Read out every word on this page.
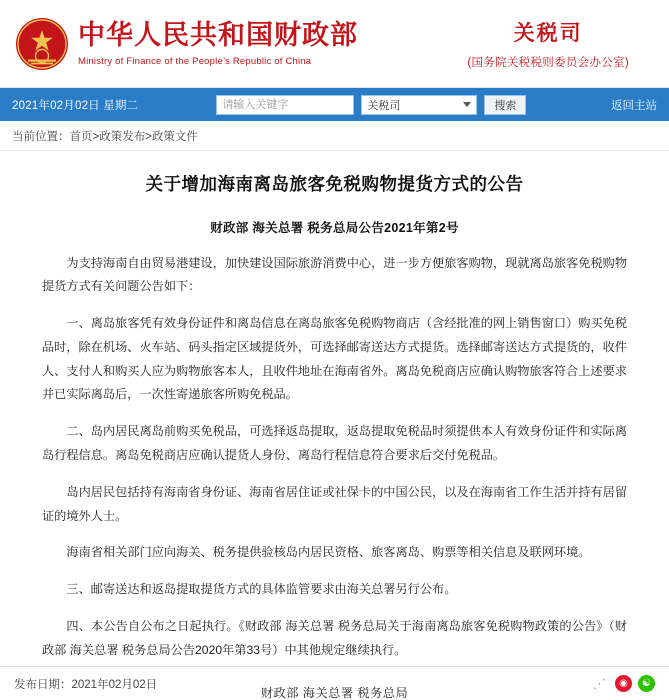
中华人民共和国财政部
Ministry of Finance of the People’s Republic of China
关税司
(国务院关税税则委员会办公室)
2021年02月02日 星期二	请输入关键字	关税司	搜索	返回主站
当前位置：首页>政策发布>政策文件
关于增加海南离岛旅客免税购物提货方式的公告
财政部 海关总署 税务总局公告2021年第2号

为支持海南自由贸易港建设，加快建设国际旅游消费中心，进一步方便旅客购物，现就离岛旅客免税购物提货方式有关问题公告如下：

一、离岛旅客凭有效身份证件和离岛信息在离岛旅客免税购物商店（含经批准的网上销售窗口）购买免税品时，除在机场、火车站、码头指定区域提货外，可选择邮寄送达方式提货。选择邮寄送达方式提货的，收件人、支付人和购买人应为购物旅客本人，且收件地址在海南省外。离岛免税商店应确认购物旅客符合上述要求并已实际离岛后，一次性寄递旅客所购免税品。

二、岛内居民离岛前购买免税品，可选择返岛提取，返岛提取免税品时须提供本人有效身份证件和实际离岛行程信息。离岛免税商店应确认提货人身份、离岛行程信息符合要求后交付免税品。

岛内居民包括持有海南省身份证、海南省居住证或社保卡的中国公民，以及在海南省工作生活并持有居留证的境外人士。

海南省相关部门应向海关、税务提供验核岛内居民资格、旅客离岛、购票等相关信息及联网环境。

三、邮寄送达和返岛提取提货方式的具体监管要求由海关总署另行公布。

四、本公告自公布之日起执行。《财政部 海关总署 税务总局关于海南离岛旅客免税购物政策的公告》（财政部 海关总署 税务总局公告2020年第33号）中其他规定继续执行。

财政部 海关总署 税务总局
发布日期：2021年02月02日	⋰	◉	☯
